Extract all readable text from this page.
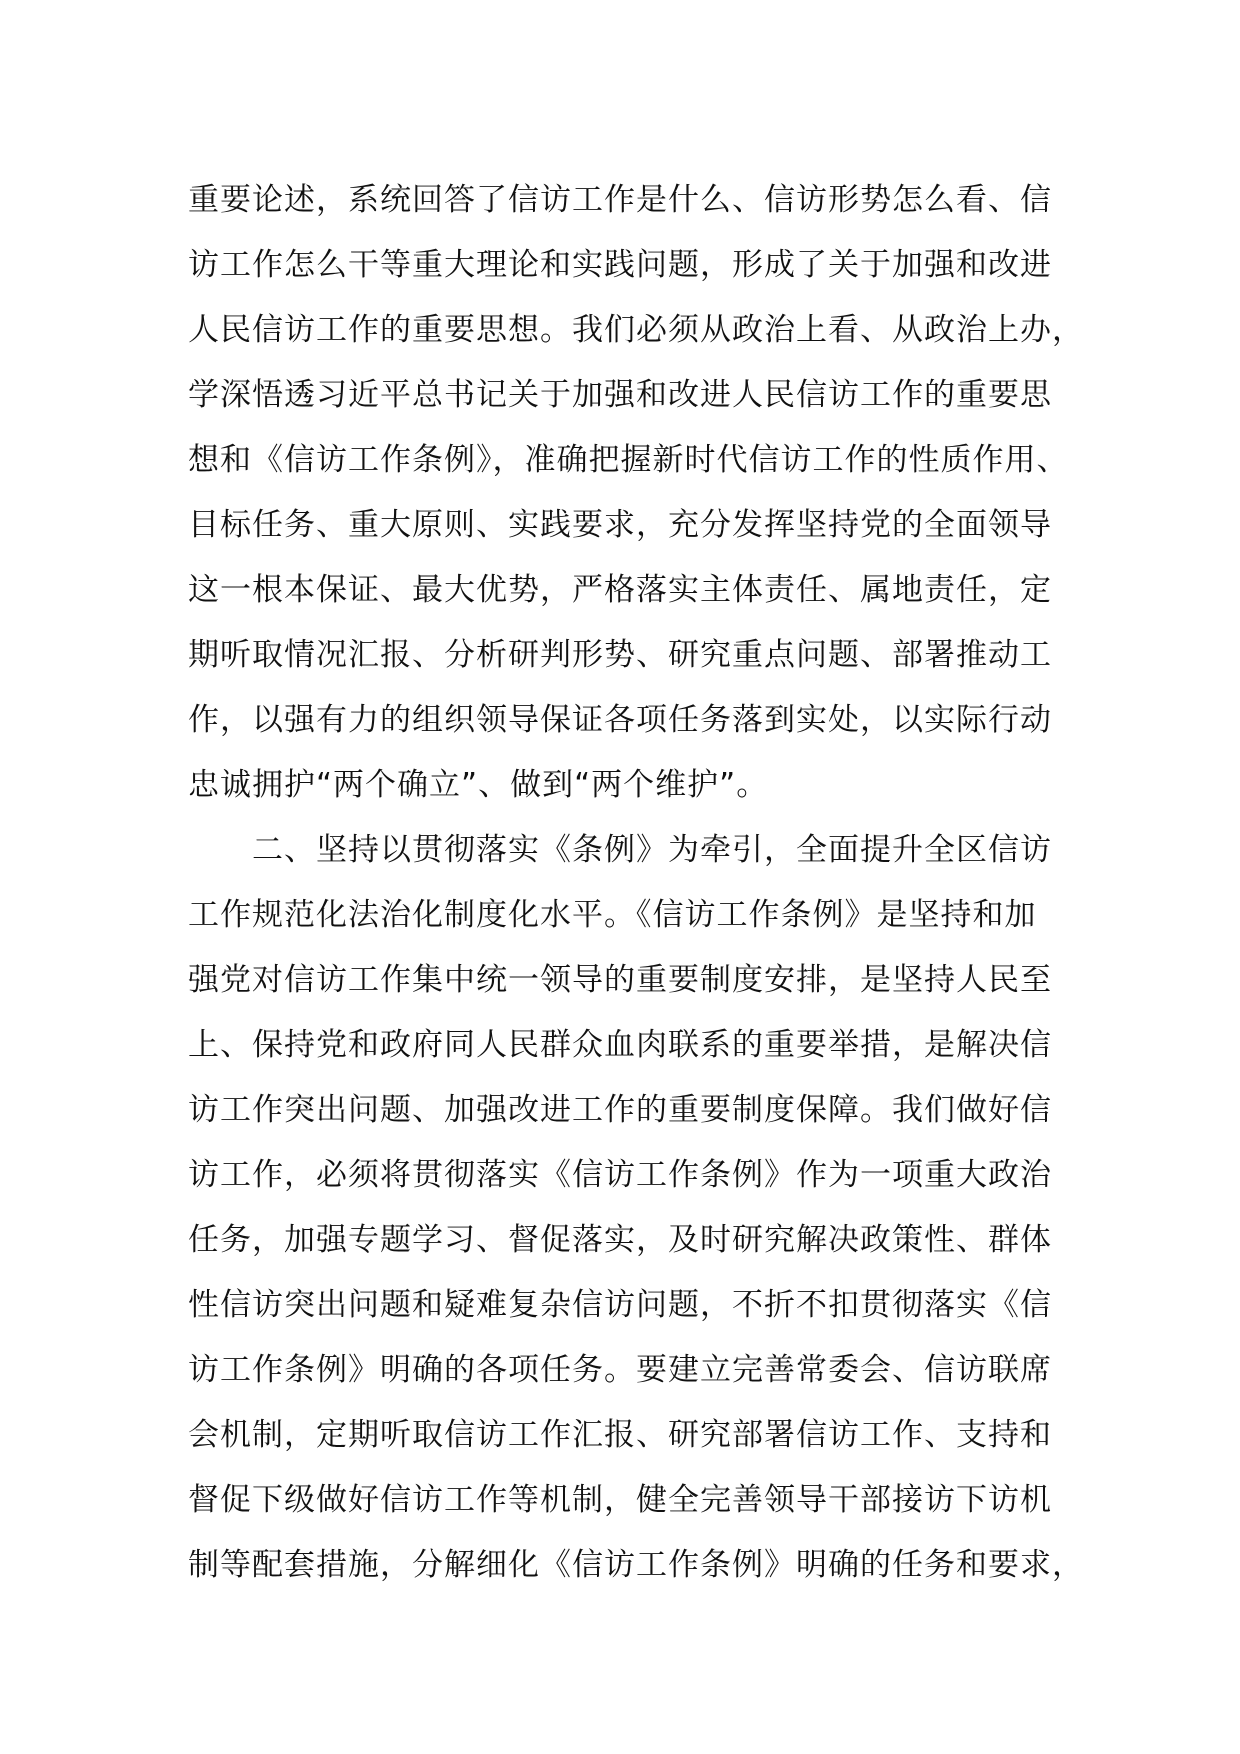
重要论述，系统回答了信访工作是什么、信访形势怎么看、信
访工作怎么干等重大理论和实践问题，形成了关于加强和改进
人民信访工作的重要思想。我们必须从政治上看、从政治上办，
学深悟透习近平总书记关于加强和改进人民信访工作的重要思
想和《信访工作条例》，准确把握新时代信访工作的性质作用、
目标任务、重大原则、实践要求，充分发挥坚持党的全面领导
这一根本保证、最大优势，严格落实主体责任、属地责任，定
期听取情况汇报、分析研判形势、研究重点问题、部署推动工
作，以强有力的组织领导保证各项任务落到实处，以实际行动
忠诚拥护“两个确立”、做到“两个维护”。
二、坚持以贯彻落实《条例》为牵引，全面提升全区信访
工作规范化法治化制度化水平。《信访工作条例》是坚持和加
强党对信访工作集中统一领导的重要制度安排，是坚持人民至
上、保持党和政府同人民群众血肉联系的重要举措，是解决信
访工作突出问题、加强改进工作的重要制度保障。我们做好信
访工作，必须将贯彻落实《信访工作条例》作为一项重大政治
任务，加强专题学习、督促落实，及时研究解决政策性、群体
性信访突出问题和疑难复杂信访问题，不折不扣贯彻落实《信
访工作条例》明确的各项任务。要建立完善常委会、信访联席
会机制，定期听取信访工作汇报、研究部署信访工作、支持和
督促下级做好信访工作等机制，健全完善领导干部接访下访机
制等配套措施，分解细化《信访工作条例》明确的任务和要求，
